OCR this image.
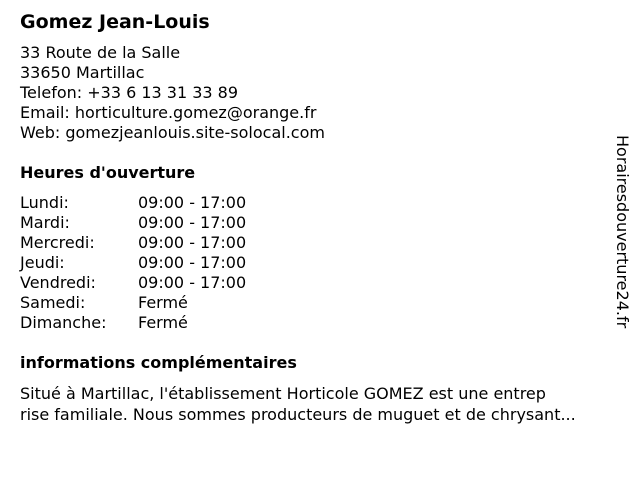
Gomez Jean-Louis
33 Route de la Salle
33650 Martillac
Telefon: +33 6 13 31 33 89
Email: horticulture.gomez@orange.fr
Web: gomezjeanlouis.site-solocal.com
Heures d'ouverture
Lundi:	09:00 - 17:00
Mardi:	09:00 - 17:00
Mercredi:	09:00 - 17:00
Jeudi:	09:00 - 17:00
Vendredi:	09:00 - 17:00
Samedi:	Fermé
Dimanche: Fermé
informations complémentaires
Situé à Martillac, l'établissement Horticole GOMEZ est une entrep
rise familiale. Nous sommes producteurs de muguet et de chrysant...
Horairesdouverture24.fr
